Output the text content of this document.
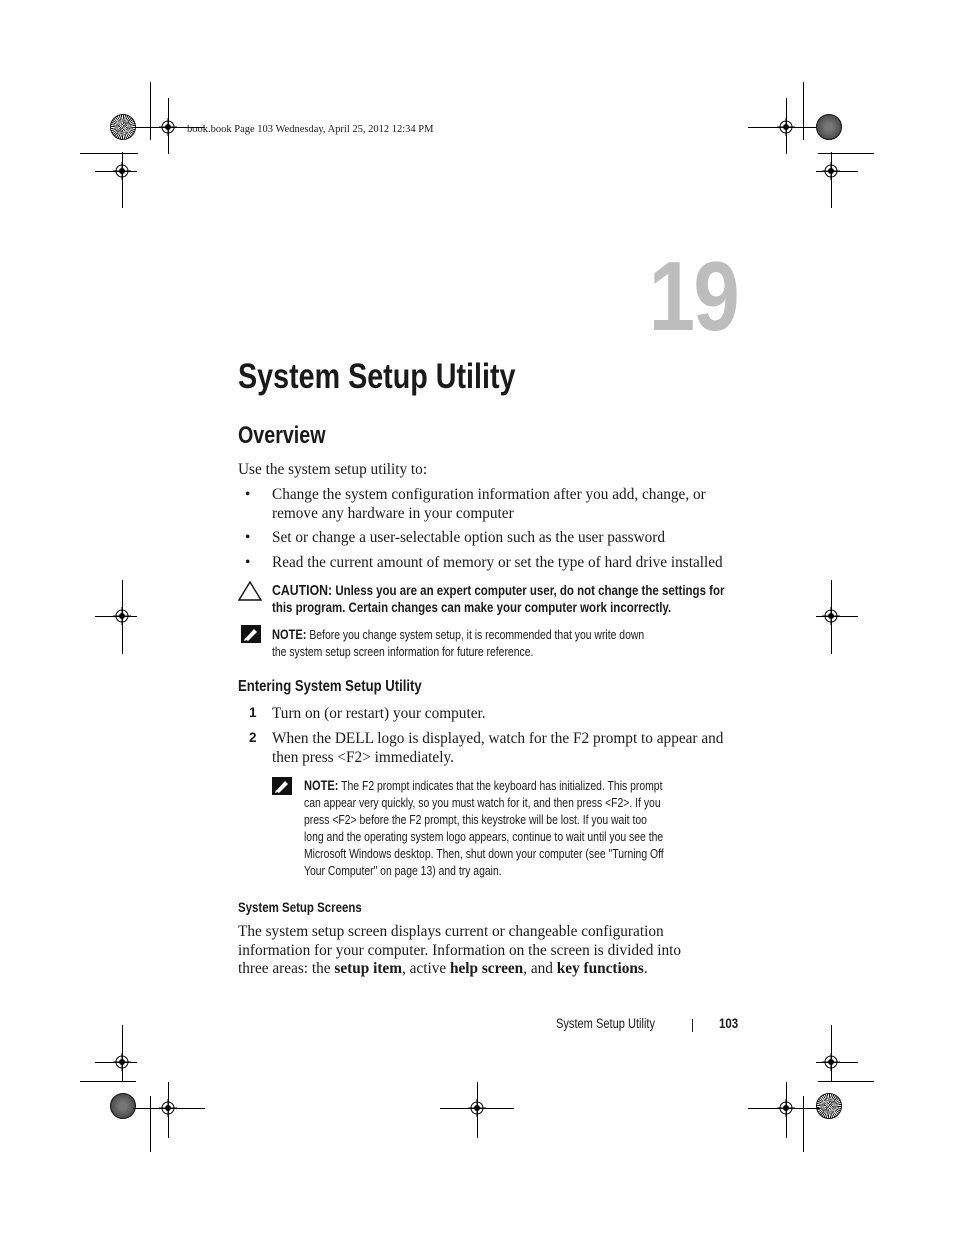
book.book Page 103 Wednesday, April 25, 2012 12:34 PM
19
System Setup Utility
Overview
Use the system setup utility to:
• Change the system configuration information after you add, change, or
remove any hardware in your computer
• Set or change a user-selectable option such as the user password
• Read the current amount of memory or set the type of hard drive installed
CAUTION: Unless you are an expert computer user, do not change the settings for
this program. Certain changes can make your computer work incorrectly.
NOTE: Before you change system setup, it is recommended that you write down
the system setup screen information for future reference.
Entering System Setup Utility
1 Turn on (or restart) your computer.
2 When the DELL logo is displayed, watch for the F2 prompt to appear and
then press <F2> immediately.
NOTE: The F2 prompt indicates that the keyboard has initialized. This prompt
can appear very quickly, so you must watch for it, and then press <F2>. If you
press <F2> before the F2 prompt, this keystroke will be lost. If you wait too
long and the operating system logo appears, continue to wait until you see the
Microsoft Windows desktop. Then, shut down your computer (see "Turning Off
Your Computer" on page 13) and try again.
System Setup Screens
The system setup screen displays current or changeable configuration
information for your computer. Information on the screen is divided into
three areas: the setup item, active help screen, and key functions.
System Setup Utility	103
